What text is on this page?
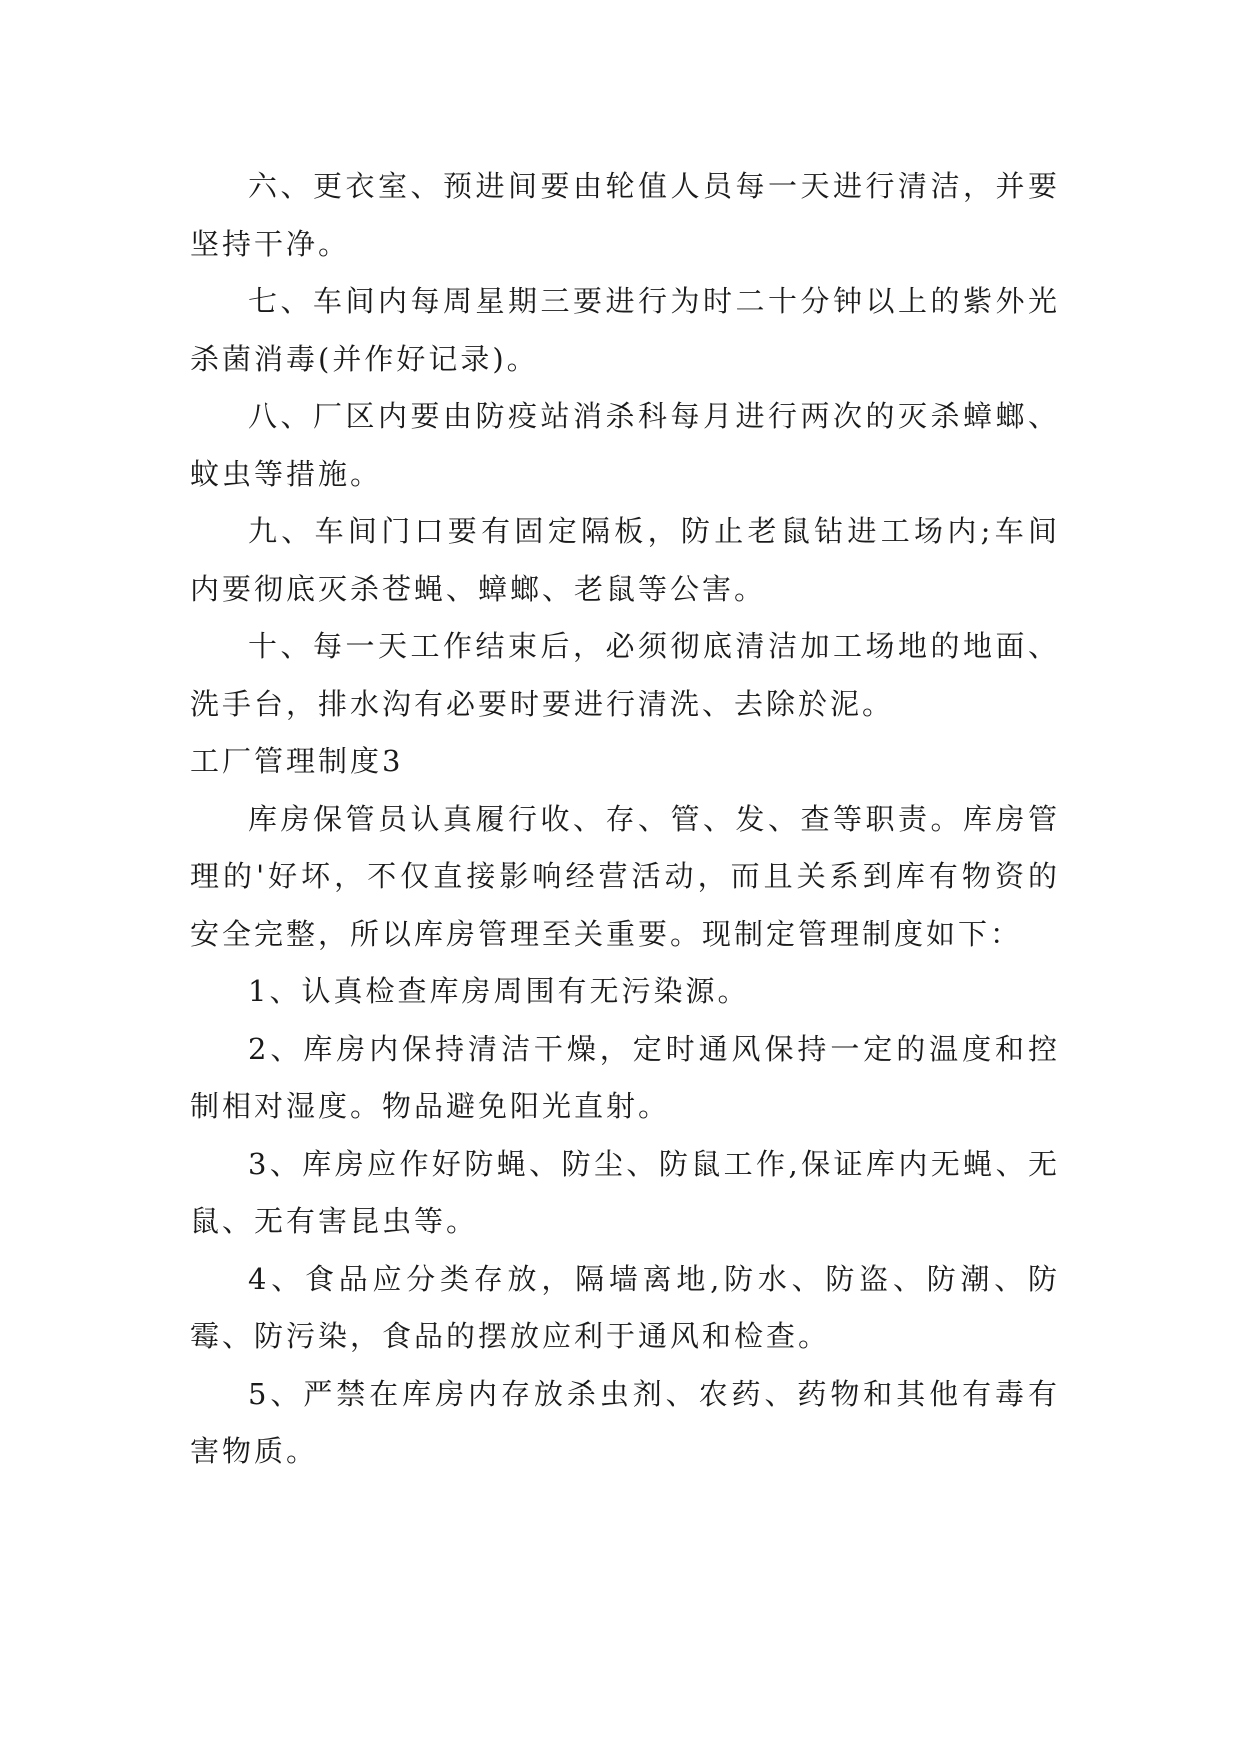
六、更衣室、预进间要由轮值人员每一天进行清洁，并要坚持干净。

七、车间内每周星期三要进行为时二十分钟以上的紫外光杀菌消毒(并作好记录)。

八、厂区内要由防疫站消杀科每月进行两次的灭杀蟑螂、蚊虫等措施。

九、车间门口要有固定隔板，防止老鼠钻进工场内;车间内要彻底灭杀苍蝇、蟑螂、老鼠等公害。

十、每一天工作结束后，必须彻底清洁加工场地的地面、洗手台，排水沟有必要时要进行清洗、去除於泥。

工厂管理制度3

库房保管员认真履行收、存、管、发、查等职责。库房管理的'好坏，不仅直接影响经营活动，而且关系到库有物资的安全完整，所以库房管理至关重要。现制定管理制度如下：

1、认真检查库房周围有无污染源。

2、库房内保持清洁干燥，定时通风保持一定的温度和控制相对湿度。物品避免阳光直射。

3、库房应作好防蝇、防尘、防鼠工作,保证库内无蝇、无鼠、无有害昆虫等。

4、食品应分类存放，隔墙离地,防水、防盗、防潮、防霉、防污染，食品的摆放应利于通风和检查。

5、严禁在库房内存放杀虫剂、农药、药物和其他有毒有害物质。
